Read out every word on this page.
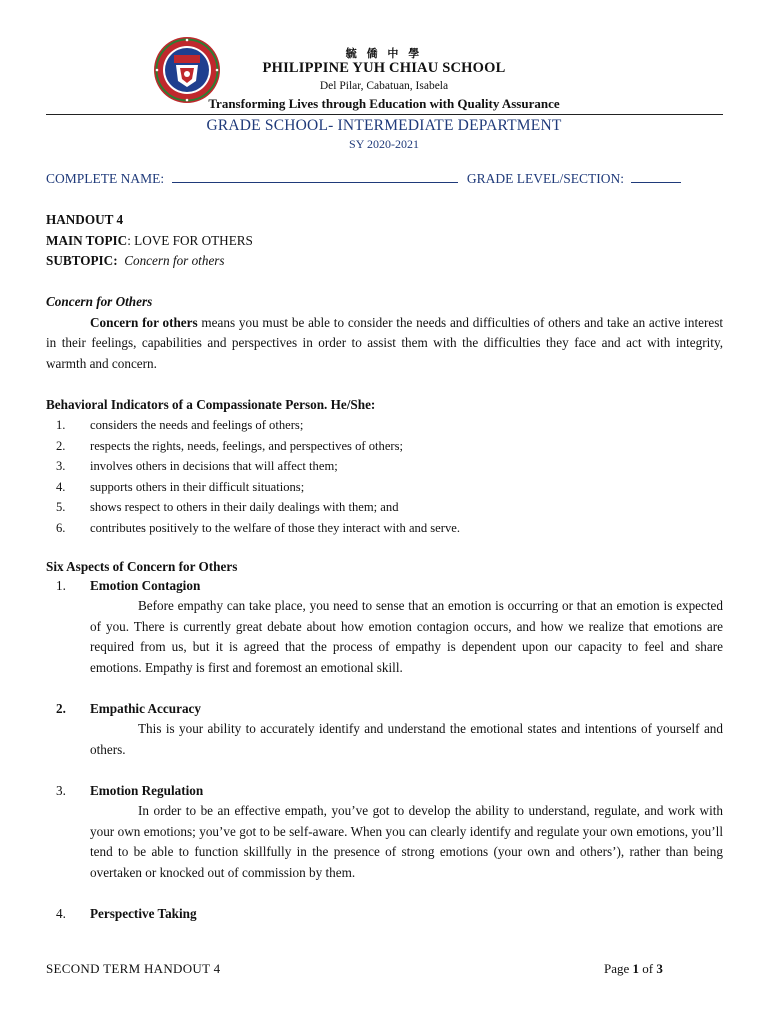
毓 僑 中 學
PHILIPPINE YUH CHIAU SCHOOL
Del Pilar, Cabatuan, Isabela
Transforming Lives through Education with Quality Assurance
GRADE SCHOOL- INTERMEDIATE DEPARTMENT
SY 2020-2021
COMPLETE NAME:	GRADE LEVEL/SECTION:
HANDOUT 4
MAIN TOPIC: LOVE FOR OTHERS
SUBTOPIC: Concern for others
Concern for Others
Concern for others means you must be able to consider the needs and difficulties of others and take an active interest in their feelings, capabilities and perspectives in order to assist them with the difficulties they face and act with integrity, warmth and concern.
Behavioral Indicators of a Compassionate Person. He/She:
1. considers the needs and feelings of others;
2. respects the rights, needs, feelings, and perspectives of others;
3. involves others in decisions that will affect them;
4. supports others in their difficult situations;
5. shows respect to others in their daily dealings with them; and
6. contributes positively to the welfare of those they interact with and serve.
Six Aspects of Concern for Others
1. Emotion Contagion
Before empathy can take place, you need to sense that an emotion is occurring or that an emotion is expected of you. There is currently great debate about how emotion contagion occurs, and how we realize that emotions are required from us, but it is agreed that the process of empathy is dependent upon our capacity to feel and share emotions. Empathy is first and foremost an emotional skill.
2. Empathic Accuracy
This is your ability to accurately identify and understand the emotional states and intentions of yourself and others.
3. Emotion Regulation
In order to be an effective empath, you’ve got to develop the ability to understand, regulate, and work with your own emotions; you’ve got to be self-aware. When you can clearly identify and regulate your own emotions, you’ll tend to be able to function skillfully in the presence of strong emotions (your own and others’), rather than being overtaken or knocked out of commission by them.
4. Perspective Taking
SECOND TERM HANDOUT 4	Page 1 of 3
